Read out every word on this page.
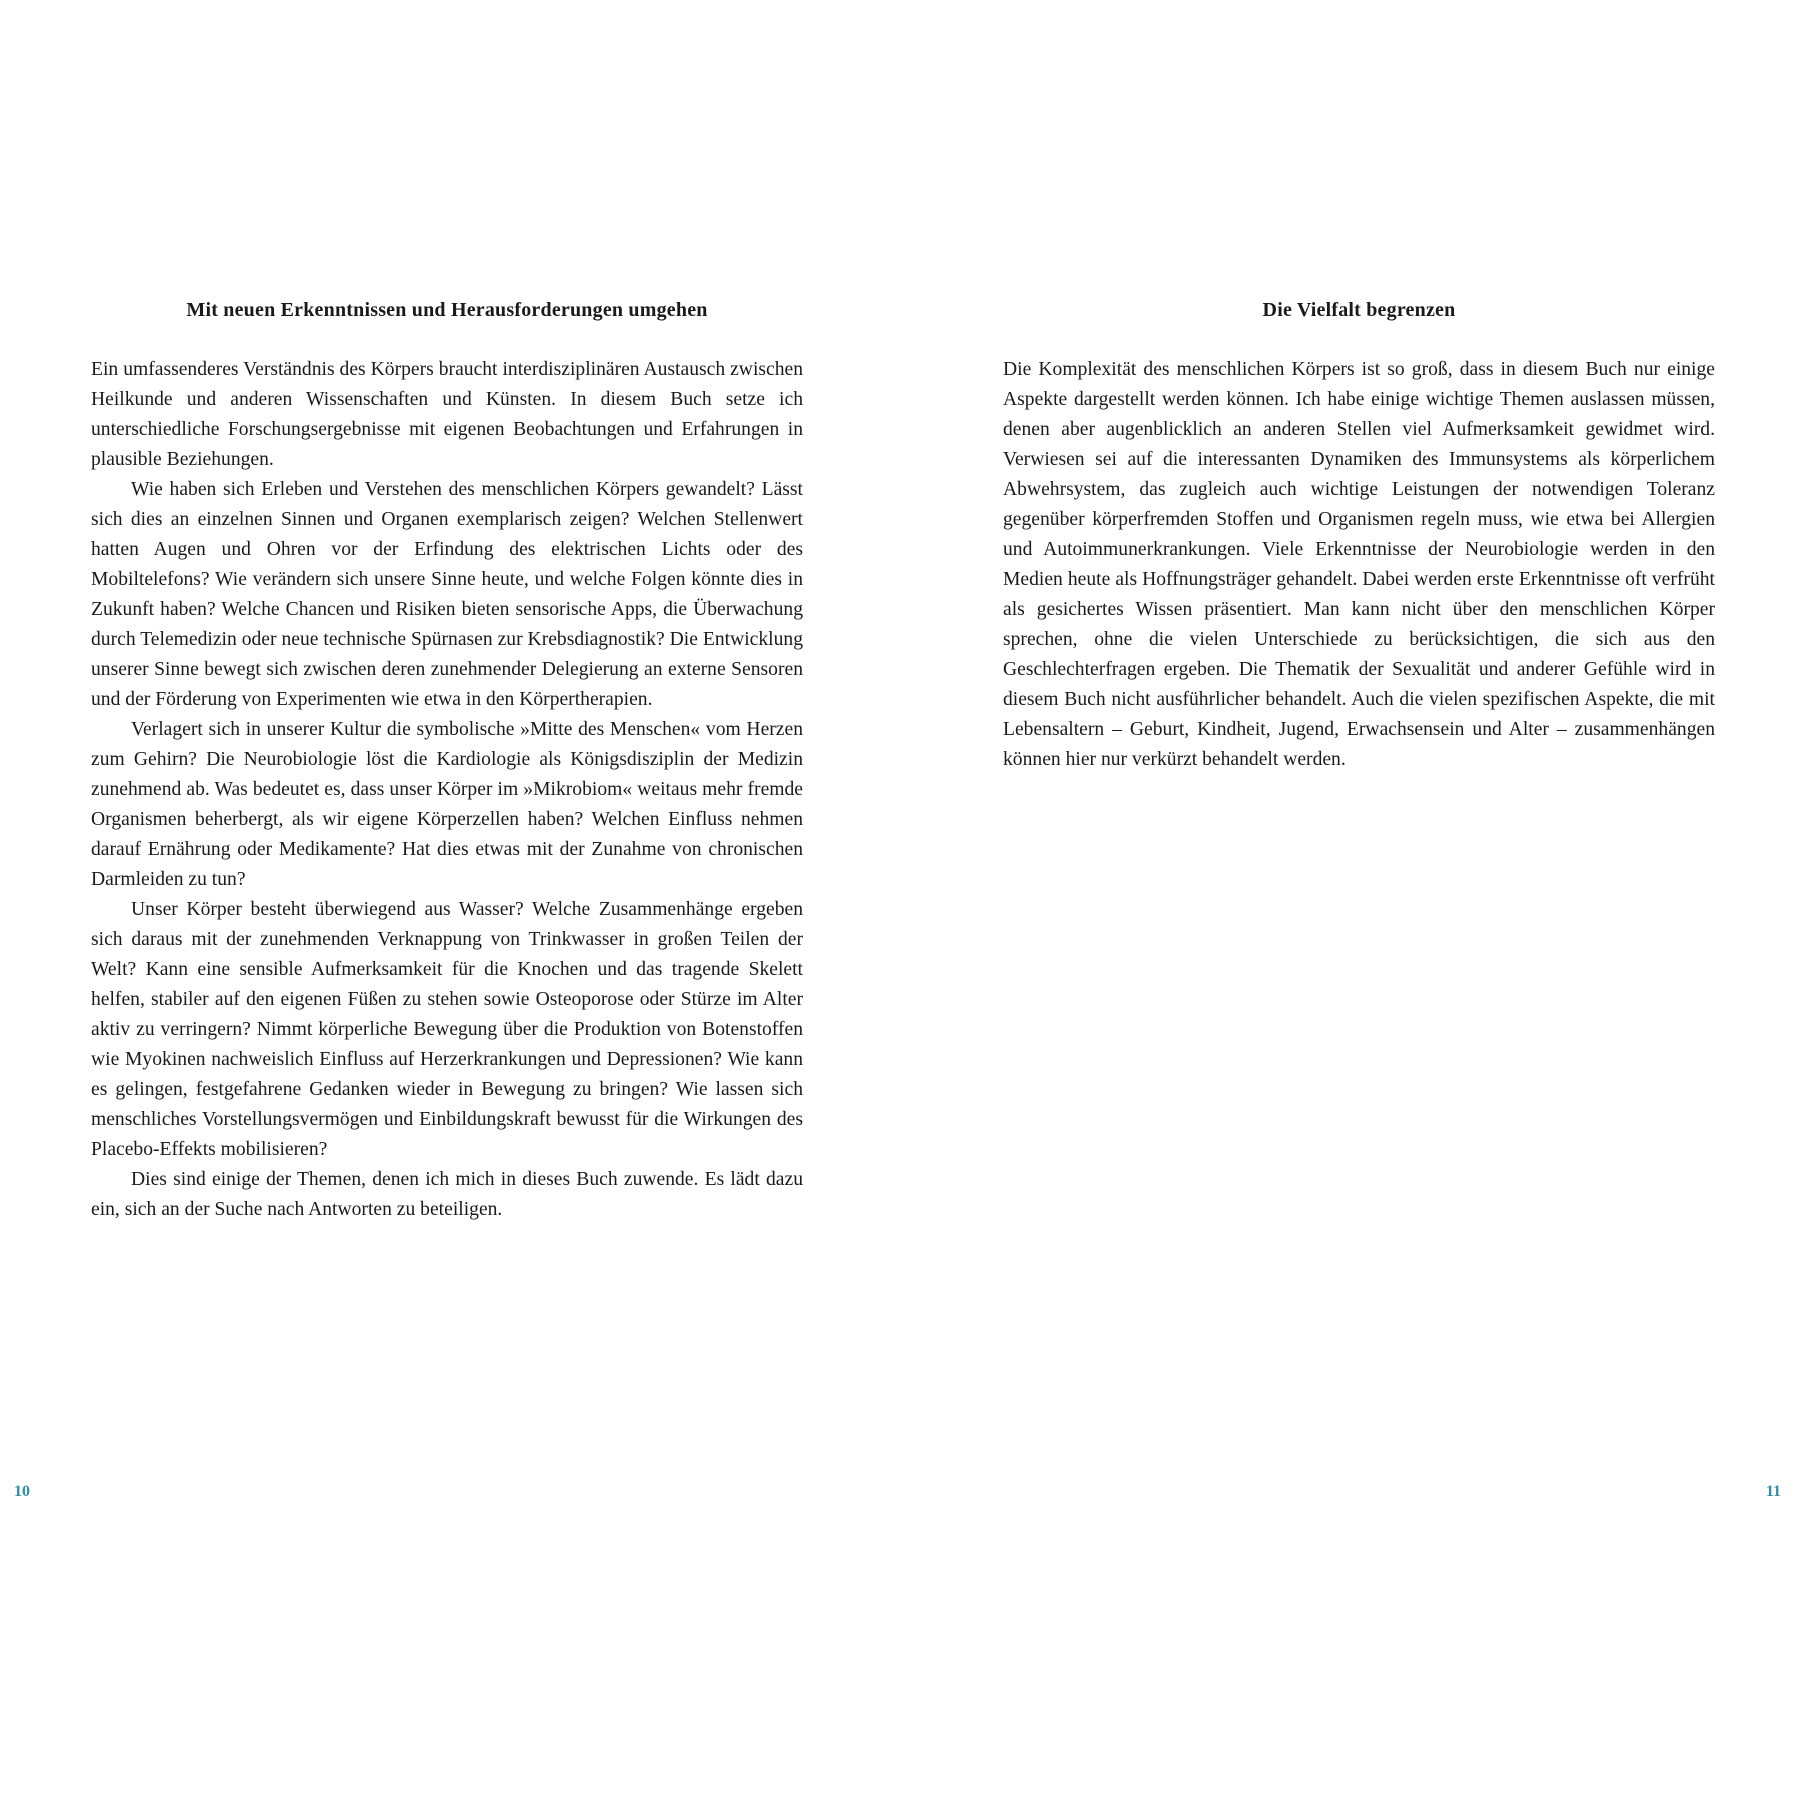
Mit neuen Erkenntnissen und Herausforderungen umgehen

Ein umfassenderes Verständnis des Körpers braucht interdisziplinären Austausch zwischen Heilkunde und anderen Wissenschaften und Künsten. In diesem Buch setze ich unterschiedliche Forschungsergebnisse mit eigenen Beobachtungen und Erfahrungen in plausible Beziehungen.

Wie haben sich Erleben und Verstehen des menschlichen Körpers gewandelt? Lässt sich dies an einzelnen Sinnen und Organen exemplarisch zeigen? Welchen Stellenwert hatten Augen und Ohren vor der Erfindung des elektrischen Lichts oder des Mobiltelefons? Wie verändern sich unsere Sinne heute, und welche Folgen könnte dies in Zukunft haben? Welche Chancen und Risiken bieten sensorische Apps, die Überwachung durch Telemedizin oder neue technische Spürnasen zur Krebsdiagnostik? Die Entwicklung unserer Sinne bewegt sich zwischen deren zunehmender Delegierung an externe Sensoren und der Förderung von Experimenten wie etwa in den Körpertherapien.

Verlagert sich in unserer Kultur die symbolische »Mitte des Menschen« vom Herzen zum Gehirn? Die Neurobiologie löst die Kardiologie als Königsdisziplin der Medizin zunehmend ab. Was bedeutet es, dass unser Körper im »Mikrobiom« weitaus mehr fremde Organismen beherbergt, als wir eigene Körperzellen haben? Welchen Einfluss nehmen darauf Ernährung oder Medikamente? Hat dies etwas mit der Zunahme von chronischen Darmleiden zu tun?

Unser Körper besteht überwiegend aus Wasser? Welche Zusammenhänge ergeben sich daraus mit der zunehmenden Verknappung von Trinkwasser in großen Teilen der Welt? Kann eine sensible Aufmerksamkeit für die Knochen und das tragende Skelett helfen, stabiler auf den eigenen Füßen zu stehen sowie Osteoporose oder Stürze im Alter aktiv zu verringern? Nimmt körperliche Bewegung über die Produktion von Botenstoffen wie Myokinen nachweislich Einfluss auf Herzerkrankungen und Depressionen? Wie kann es gelingen, festgefahrene Gedanken wieder in Bewegung zu bringen? Wie lassen sich menschliches Vorstellungsvermögen und Einbildungskraft bewusst für die Wirkungen des Placebo-Effekts mobilisieren?

Dies sind einige der Themen, denen ich mich in dieses Buch zuwende. Es lädt dazu ein, sich an der Suche nach Antworten zu beteiligen.

10
Die Vielfalt begrenzen

Die Komplexität des menschlichen Körpers ist so groß, dass in diesem Buch nur einige Aspekte dargestellt werden können. Ich habe einige wichtige Themen auslassen müssen, denen aber augenblicklich an anderen Stellen viel Aufmerksamkeit gewidmet wird. Verwiesen sei auf die interessanten Dynamiken des Immunsystems als körperlichem Abwehrsystem, das zugleich auch wichtige Leistungen der notwendigen Toleranz gegenüber körperfremden Stoffen und Organismen regeln muss, wie etwa bei Allergien und Autoimmunerkrankungen. Viele Erkenntnisse der Neurobiologie werden in den Medien heute als Hoffnungsträger gehandelt. Dabei werden erste Erkenntnisse oft verfrüht als gesichertes Wissen präsentiert. Man kann nicht über den menschlichen Körper sprechen, ohne die vielen Unterschiede zu berücksichtigen, die sich aus den Geschlechterfragen ergeben. Die Thematik der Sexualität und anderer Gefühle wird in diesem Buch nicht ausführlicher behandelt. Auch die vielen spezifischen Aspekte, die mit Lebensaltern – Geburt, Kindheit, Jugend, Erwachsensein und Alter – zusammenhängen können hier nur verkürzt behandelt werden.

11
